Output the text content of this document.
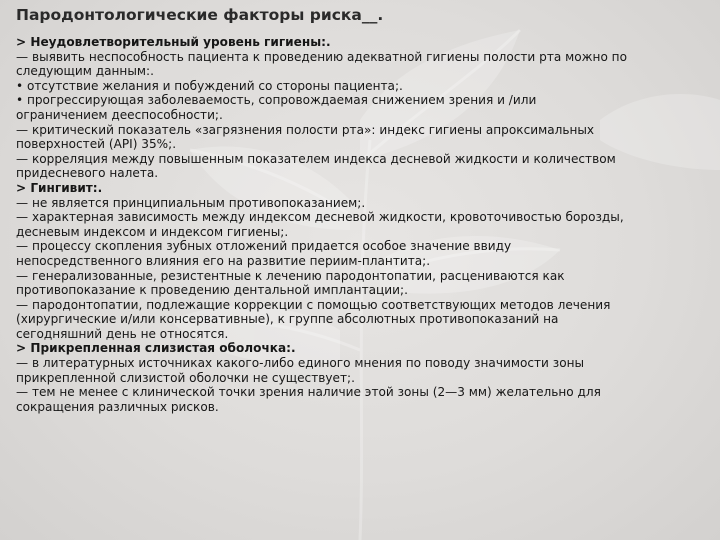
Пародонтологические факторы риска__.
> Неудовлетворительный уровень гигиены:.
— выявить неспособность пациента к проведению адекватной гигиены полости рта можно по
следующим данным:.
• отсутствие желания и побуждений со стороны пациента;.
• прогрессирующая заболеваемость, сопровождаемая снижением зрения и /или
ограничением дееспособности;.
— критический показатель «загрязнения полости рта»: индекс гигиены апроксимальных
поверхностей (API) 35%;.
— корреляция между повышенным показателем индекса десневой жидкости и количеством
придесневого налета.
> Гингивит:.
— не является принципиальным противопоказанием;.
— характерная зависимость между индексом десневой жидкости, кровоточивостью борозды,
десневым индексом и индексом гигиены;.
— процессу скопления зубных отложений придается особое значение ввиду
непосредственного влияния его на развитие периим-плантита;.
— генерализованные, резистентные к лечению пародонтопатии, расцениваются как
противопоказание к проведению дентальной имплантации;.
— пародонтопатии, подлежащие коррекции с помощью соответствующих методов лечения
(хирургические и/или консервативные), к группе абсолютных противопоказаний на
сегодняшний день не относятся.
> Прикрепленная слизистая оболочка:.
— в литературных источниках какого-либо единого мнения по поводу значимости зоны
прикрепленной слизистой оболочки не существует;.
— тем не менее с клинической точки зрения наличие этой зоны (2—3 мм) желательно для
сокращения различных рисков.
